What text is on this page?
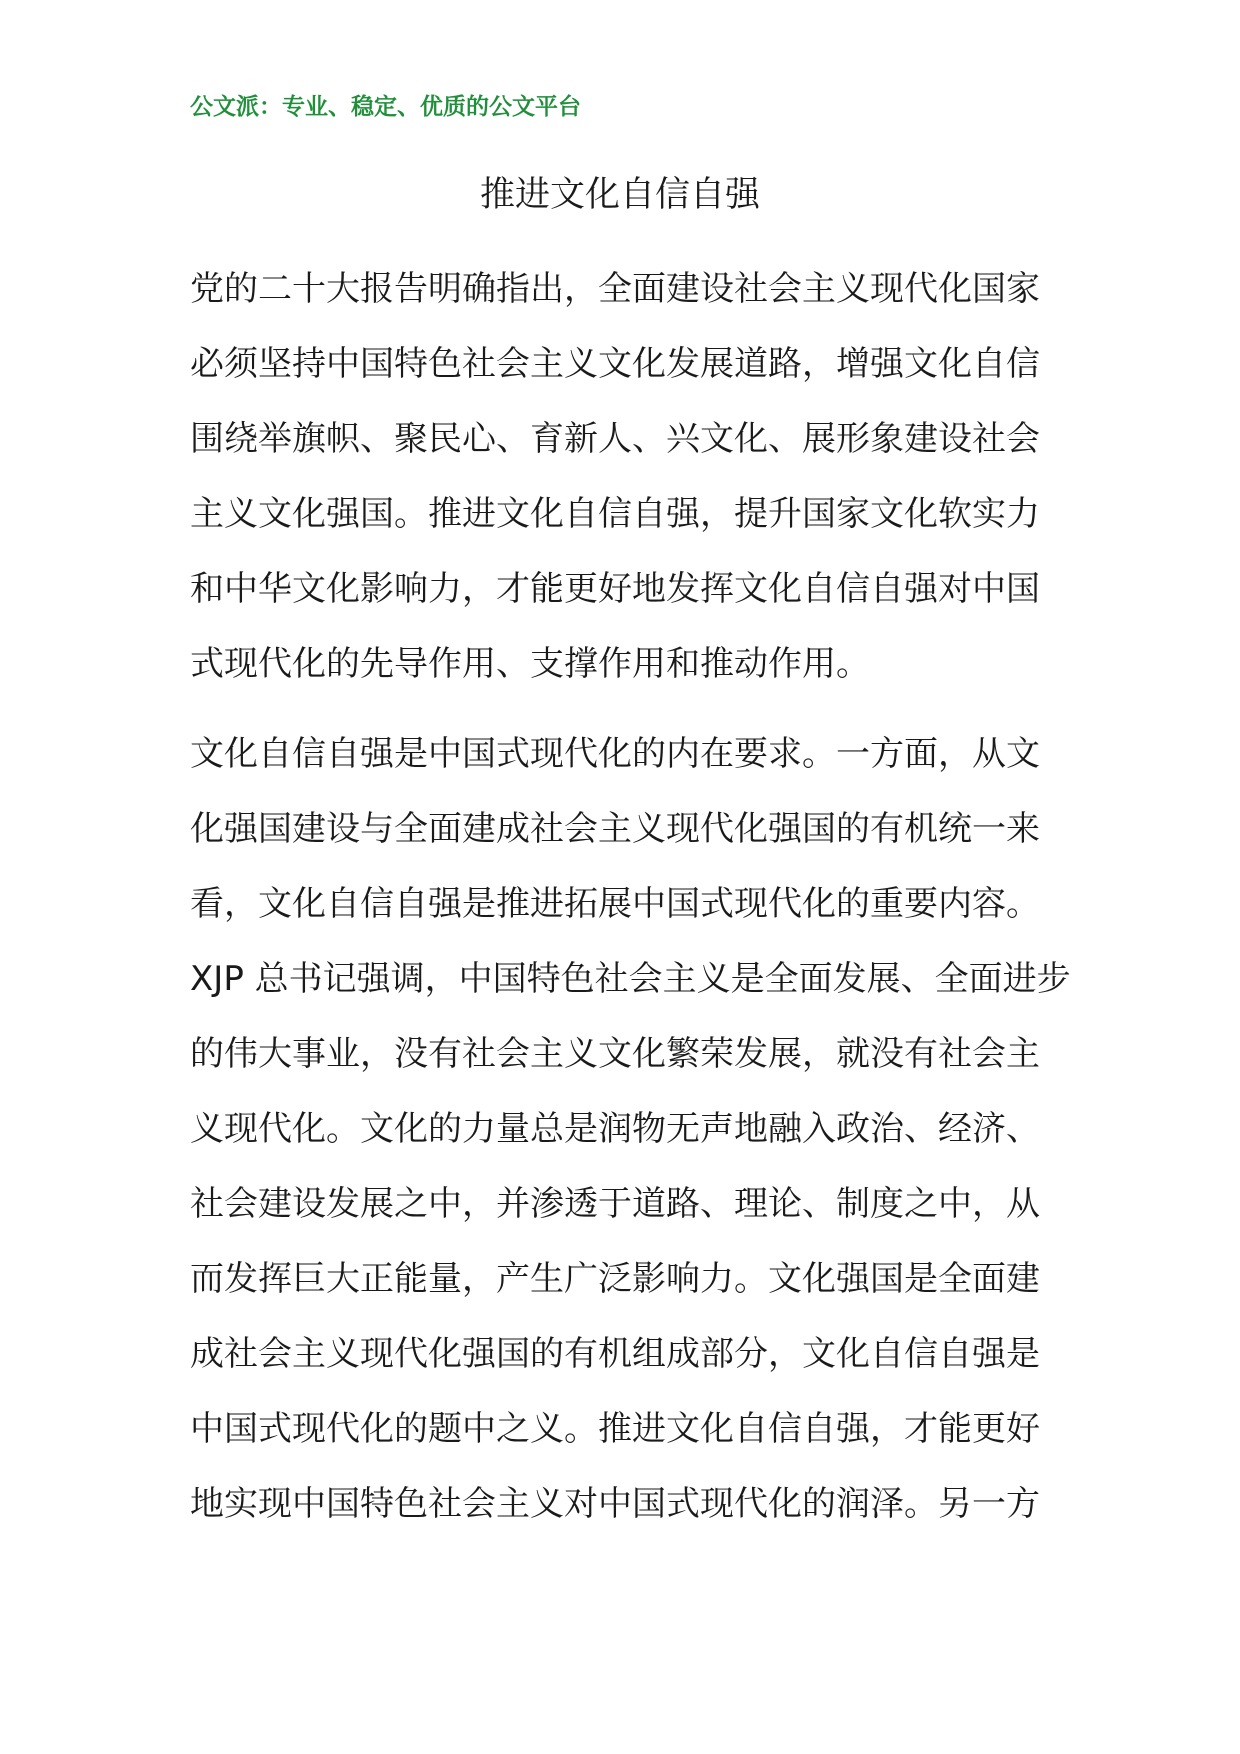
公文派：专业、稳定、优质的公文平台
推进文化自信自强
党的二十大报告明确指出，全面建设社会主义现代化国家
必须坚持中国特色社会主义文化发展道路，增强文化自信
围绕举旗帜、聚民心、育新人、兴文化、展形象建设社会
主义文化强国。推进文化自信自强，提升国家文化软实力
和中华文化影响力，才能更好地发挥文化自信自强对中国
式现代化的先导作用、支撑作用和推动作用。
文化自信自强是中国式现代化的内在要求。一方面，从文
化强国建设与全面建成社会主义现代化强国的有机统一来
看，文化自信自强是推进拓展中国式现代化的重要内容。
XJP 总书记强调，中国特色社会主义是全面发展、全面进步
的伟大事业，没有社会主义文化繁荣发展，就没有社会主
义现代化。文化的力量总是润物无声地融入政治、经济、
社会建设发展之中，并渗透于道路、理论、制度之中，从
而发挥巨大正能量，产生广泛影响力。文化强国是全面建
成社会主义现代化强国的有机组成部分，文化自信自强是
中国式现代化的题中之义。推进文化自信自强，才能更好
地实现中国特色社会主义对中国式现代化的润泽。另一方
